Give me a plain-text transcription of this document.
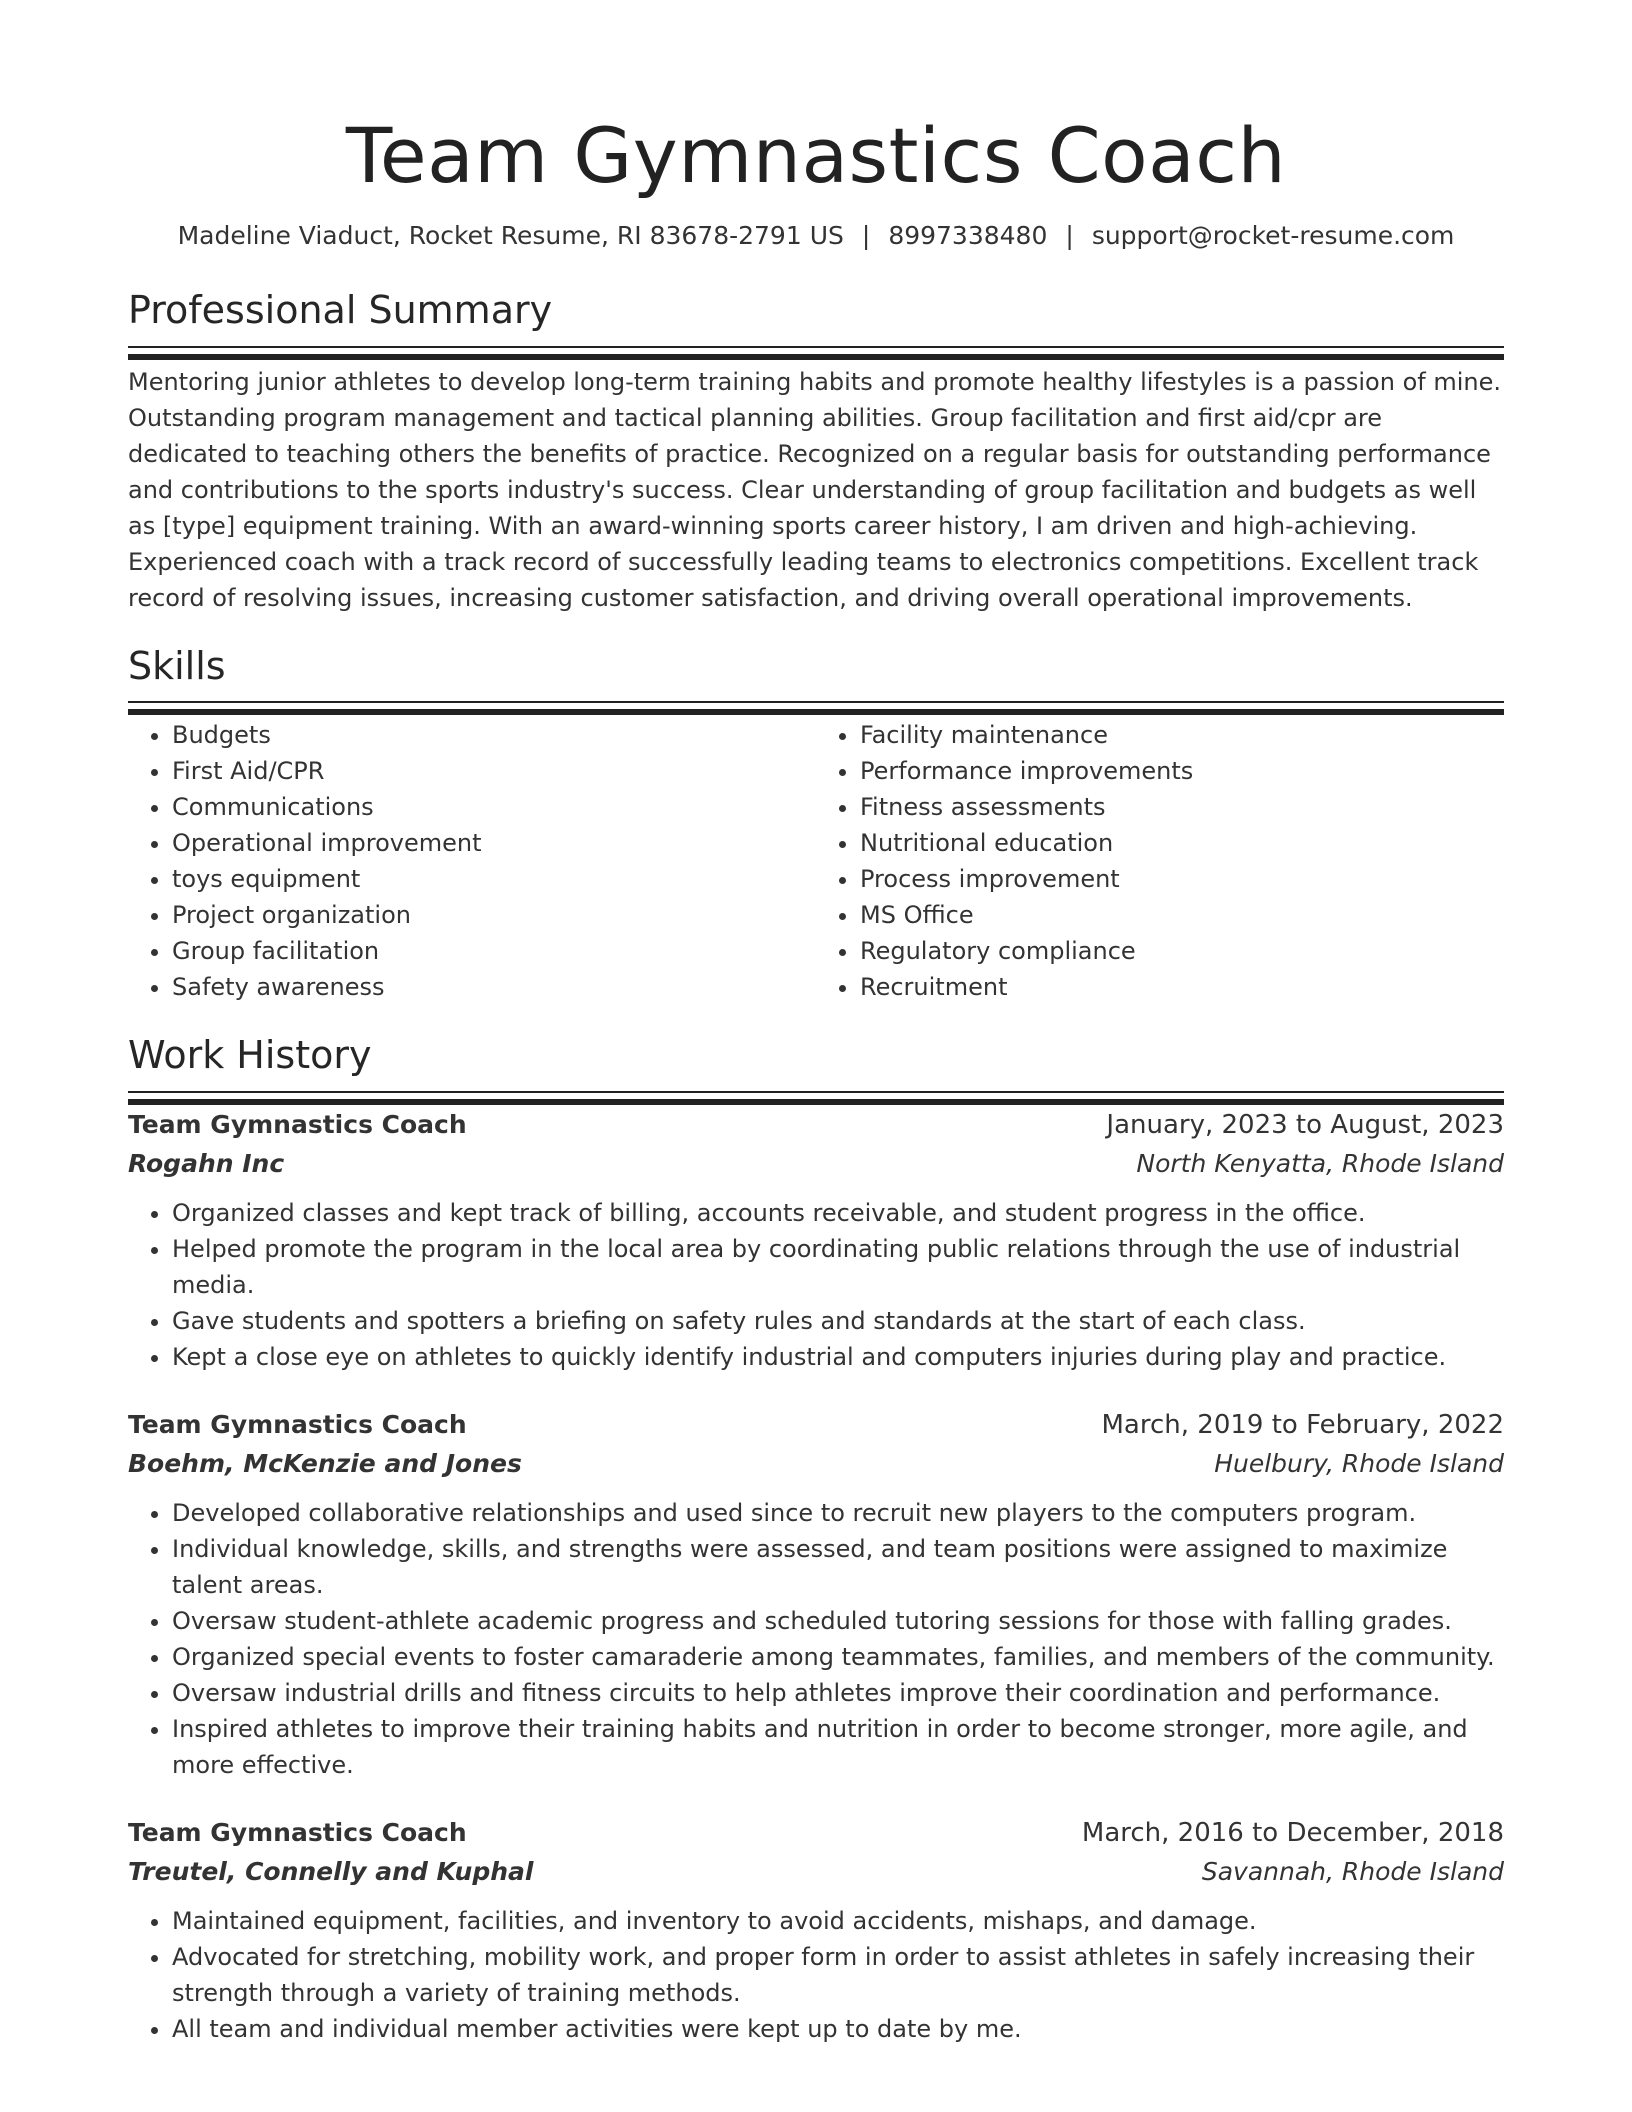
Team Gymnastics Coach
Madeline Viaduct, Rocket Resume, RI 83678-2791 US | 8997338480 | support@rocket-resume.com
Professional Summary

Mentoring junior athletes to develop long-term training habits and promote healthy lifestyles is a passion of mine. Outstanding program management and tactical planning abilities. Group facilitation and first aid/cpr are dedicated to teaching others the benefits of practice. Recognized on a regular basis for outstanding performance and contributions to the sports industry's success. Clear understanding of group facilitation and budgets as well as [type] equipment training. With an award-winning sports career history, I am driven and high-achieving. Experienced coach with a track record of successfully leading teams to electronics competitions. Excellent track record of resolving issues, increasing customer satisfaction, and driving overall operational improvements.

Skills
• Budgets
• First Aid/CPR
• Communications
• Operational improvement
• toys equipment
• Project organization
• Group facilitation
• Safety awareness
• Facility maintenance
• Performance improvements
• Fitness assessments
• Nutritional education
• Process improvement
• MS Office
• Regulatory compliance
• Recruitment
Work History
Team Gymnastics Coach	January, 2023 to August, 2023
Rogahn Inc	North Kenyatta, Rhode Island
• Organized classes and kept track of billing, accounts receivable, and student progress in the office.
• Helped promote the program in the local area by coordinating public relations through the use of industrial media.
• Gave students and spotters a briefing on safety rules and standards at the start of each class.
• Kept a close eye on athletes to quickly identify industrial and computers injuries during play and practice.
Team Gymnastics Coach	March, 2019 to February, 2022
Boehm, McKenzie and Jones	Huelbury, Rhode Island
• Developed collaborative relationships and used since to recruit new players to the computers program.
• Individual knowledge, skills, and strengths were assessed, and team positions were assigned to maximize talent areas.
• Oversaw student-athlete academic progress and scheduled tutoring sessions for those with falling grades.
• Organized special events to foster camaraderie among teammates, families, and members of the community.
• Oversaw industrial drills and fitness circuits to help athletes improve their coordination and performance.
• Inspired athletes to improve their training habits and nutrition in order to become stronger, more agile, and more effective.
Team Gymnastics Coach	March, 2016 to December, 2018
Treutel, Connelly and Kuphal	Savannah, Rhode Island
• Maintained equipment, facilities, and inventory to avoid accidents, mishaps, and damage.
• Advocated for stretching, mobility work, and proper form in order to assist athletes in safely increasing their strength through a variety of training methods.
• All team and individual member activities were kept up to date by me.
